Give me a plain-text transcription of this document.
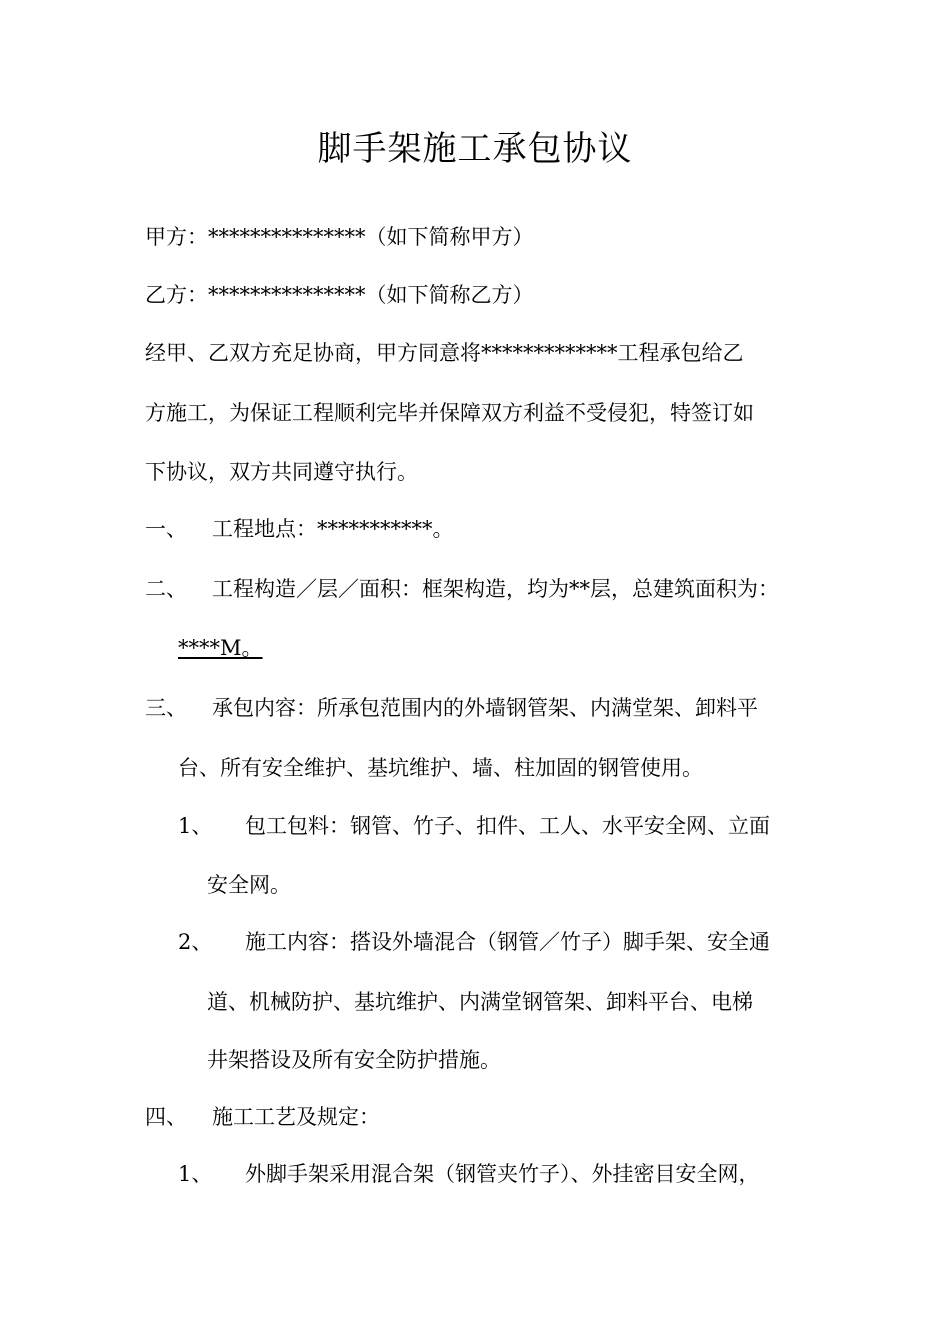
脚手架施工承包协议
甲方：***************（如下简称甲方）
乙方：***************（如下简称乙方）
经甲、乙双方充足协商，甲方同意将*************工程承包给乙
方施工，为保证工程顺利完毕并保障双方利益不受侵犯，特签订如
下协议，双方共同遵守执行。
一、 工程地点：***********。
二、 工程构造／层／面积：框架构造，均为**层，总建筑面积为：
****M。
三、 承包内容：所承包范围内的外墙钢管架、内满堂架、卸料平
台、所有安全维护、基坑维护、墙、柱加固的钢管使用。
1、 包工包料：钢管、竹子、扣件、工人、水平安全网、立面
安全网。
2、 施工内容：搭设外墙混合（钢管／竹子）脚手架、安全通
道、机械防护、基坑维护、内满堂钢管架、卸料平台、电梯
井架搭设及所有安全防护措施。
四、 施工工艺及规定：
1、 外脚手架采用混合架（钢管夹竹子）、外挂密目安全网，
